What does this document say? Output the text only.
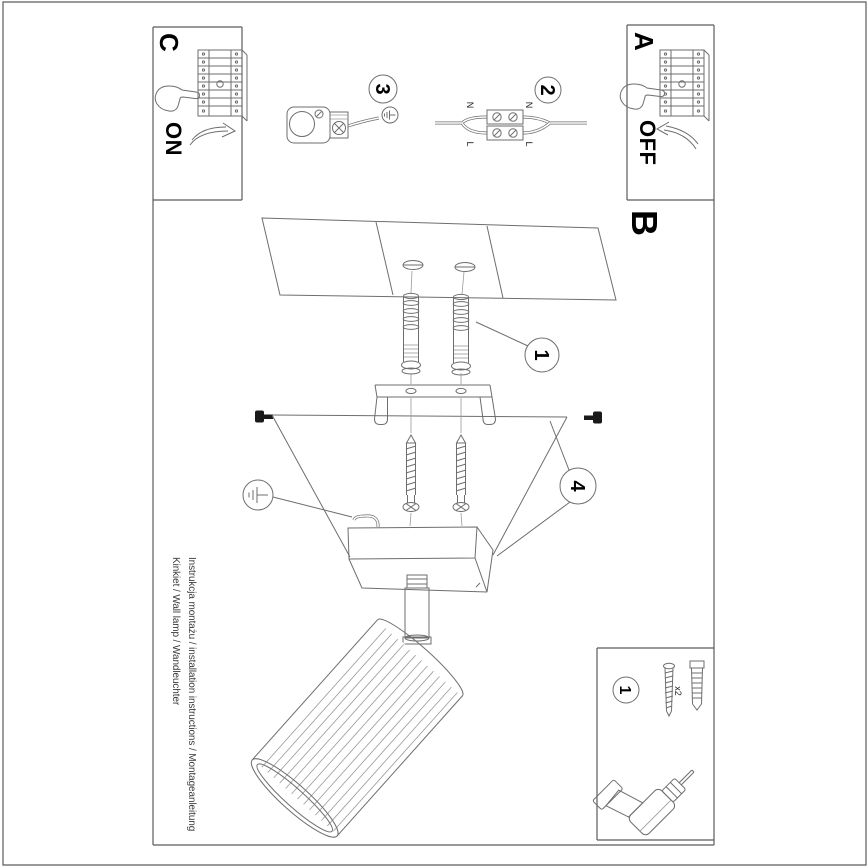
A
OFF
2
N
L
N
L
3
C
ON
B
1
4
1	x2
Instrukcja montażu / installation instructions / Montageanleitung
Kinkiet / Wall lamp / Wandleuchter
